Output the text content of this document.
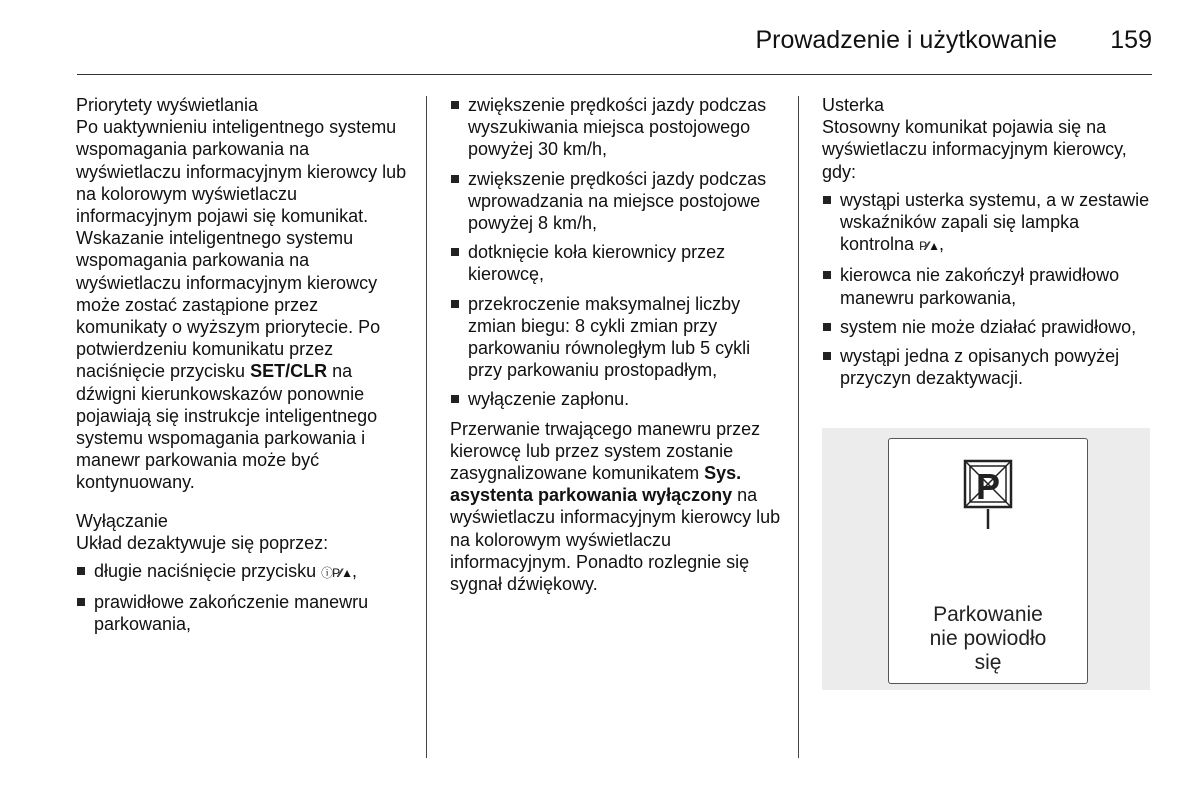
Prowadzenie i użytkowanie 159
Priorytety wyświetlania

Po uaktywnieniu inteligentnego systemu wspomagania parkowania na wyświetlaczu informacyjnym kierowcy lub na kolorowym wyświetlaczu informacyjnym pojawi się komunikat. Wskazanie inteligentnego systemu wspomagania parkowania na wyświetlaczu informacyjnym kierowcy może zostać zastąpione przez komunikaty o wyższym priorytecie. Po potwierdzeniu komunikatu przez naciśnięcie przycisku SET/CLR na dźwigni kierunkowskazów ponownie pojawiają się instrukcje inteligentnego systemu wspomagania parkowania i manewr parkowania może być kontynuowany.

Wyłączanie

Układ dezaktywuje się poprzez:

długie naciśnięcie przycisku ⓘP⁄⁄▲,
prawidłowe zakończenie manewru parkowania,
zwiększenie prędkości jazdy podczas wyszukiwania miejsca postojowego powyżej 30 km/h,
zwiększenie prędkości jazdy podczas wprowadzania na miejsce postojowe powyżej 8 km/h,
dotknięcie koła kierownicy przez kierowcę,
przekroczenie maksymalnej liczby zmian biegu: 8 cykli zmian przy parkowaniu równoległym lub 5 cykli przy parkowaniu prostopadłym,
wyłączenie zapłonu.

Przerwanie trwającego manewru przez kierowcę lub przez system zostanie zasygnalizowane komunikatem Sys. asystenta parkowania wyłączony na wyświetlaczu informacyjnym kierowcy lub na kolorowym wyświetlaczu informacyjnym. Ponadto rozlegnie się sygnał dźwiękowy.

Usterka

Stosowny komunikat pojawia się na wyświetlaczu informacyjnym kierowcy, gdy:

wystąpi usterka systemu, a w zestawie wskaźników zapali się lampka kontrolna P⁄⁄▲,
kierowca nie zakończył prawidłowo manewru parkowania,
system nie może działać prawidłowo,
wystąpi jedna z opisanych powyżej przyczyn dezaktywacji.
P
Parkowanie
nie powiodło
się
